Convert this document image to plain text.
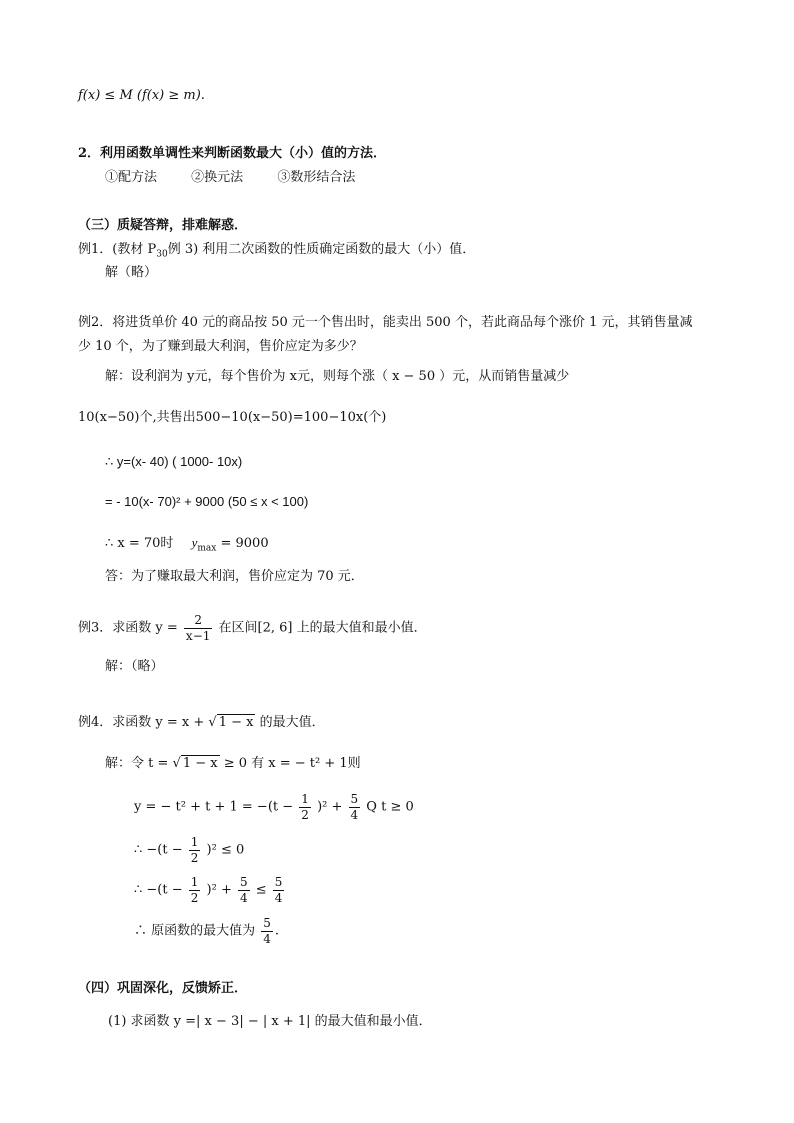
f(x) ≤ M (f(x) ≥ m).
2．利用函数单调性来判断函数最大（小）值的方法．
①配方法	②换元法	③数形结合法
（三）质疑答辩，排难解惑．
例1．(教材 $P_{30}$例 3) 利用二次函数的性质确定函数的最大（小）值．
解（略）
例2．将进货单价 40 元的商品按 50 元一个售出时，能卖出 500 个，若此商品每个涨价 1 元，其销售量减
少 10 个，为了赚到最大利润，售价应定为多少？
解：设利润为 y元，每个售价为 x元，则每个涨（ x − 50 ）元，从而销售量减少
10(x−50)个,共售出500−10(x−50)=100−10x(个)
∴ y=(x- 40) ( 1000- 10x)
= - 10(x- 70)² + 9000 (50 ≤ x < 100)
∴ x = 70时 $y_{max} = 9000$
答：为了赚取最大利润，售价应定为 70 元．
例3．求函数 $y = \frac{2}{x-1}$ 在区间[2, 6] 上的最大值和最小值．
解：（略）
例4．求函数 y = x + √ 1 − x 的最大值．
解：令 t = √ 1 − x ≥ 0 有 x = − t² + 1则
y = − $t^2 + t + 1 = -(t - \frac{1}{2} )^2 + \frac{5}{4}$ Q t ≥ 0
∴ $-(t - \frac{1}{2} )^2 \le 0$
∴ $-(t - \frac{1}{2} )^2 + \frac{5}{4} \le \frac{5}{4}$
∴ 原函数的最大值为 $\frac{5}{4}$ .
（四）巩固深化，反馈矫正．
(1) 求函数 y =| x − 3| − | x + 1| 的最大值和最小值．
